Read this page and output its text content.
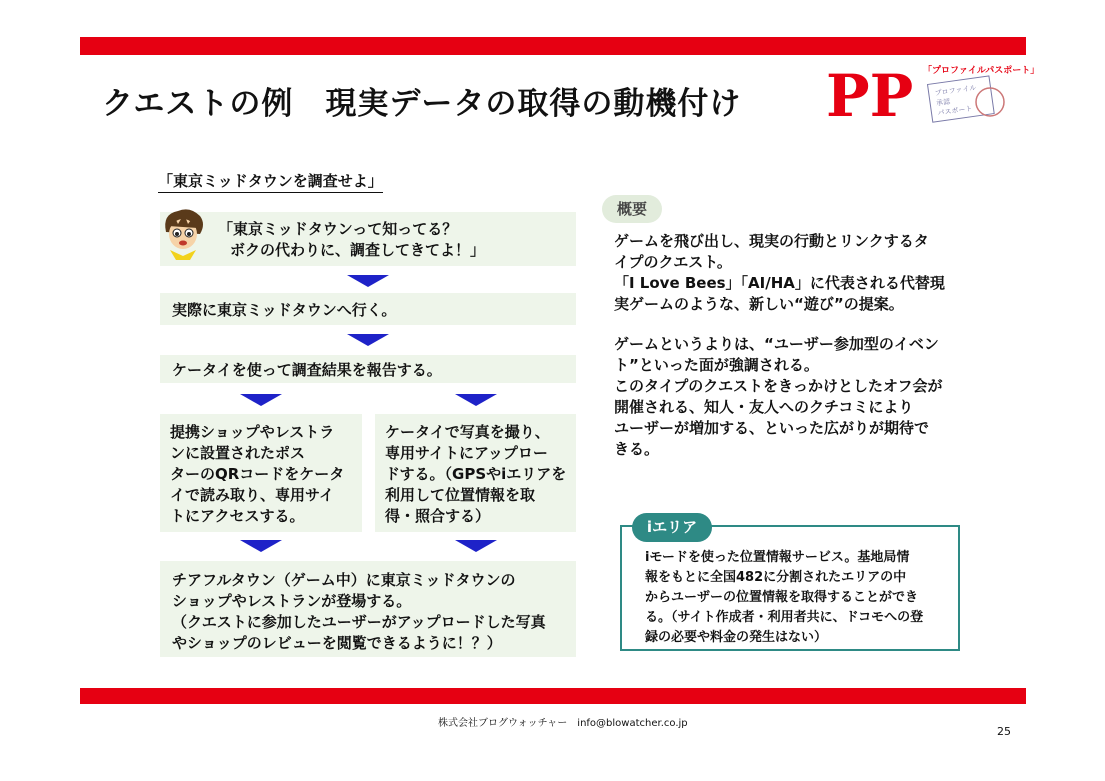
クエストの例　現実データの取得の動機付け PP 「プロファイルパスポート」
プロファイル
承認
パスポート
「東京ミッドタウンを調査せよ」
「東京ミッドタウンって知ってる？
ボクの代わりに、調査してきてよ！」
実際に東京ミッドタウンへ行く。
ケータイを使って調査結果を報告する。
提携ショップやレストラ
ンに設置されたポス
ターのQRコードをケータ
イで読み取り、専用サイ
トにアクセスする。
ケータイで写真を撮り、
専用サイトにアップロー
ドする。（GPSやiエリアを
利用して位置情報を取
得・照合する）
チアフルタウン（ゲーム中）に東京ミッドタウンの
ショップやレストランが登場する。
（クエストに参加したユーザーがアップロードした写真
やショップのレビューを閲覧できるように！？）
概要
ゲームを飛び出し、現実の行動とリンクするタ
イプのクエスト。
「I Love Bees」「AI/HA」に代表される代替現
実ゲームのような、新しい“遊び”の提案。
ゲームというよりは、“ユーザー参加型のイベン
ト”といった面が強調される。
このタイプのクエストをきっかけとしたオフ会が
開催される、知人・友人へのクチコミにより
ユーザーが増加する、といった広がりが期待で
きる。
iエリア
iモードを使った位置情報サービス。基地局情
報をもとに全国482に分割されたエリアの中
からユーザーの位置情報を取得することができ
る。（サイト作成者・利用者共に、ドコモへの登
録の必要や料金の発生はない）
株式会社ブログウォッチャー　info@blowatcher.co.jp
25
